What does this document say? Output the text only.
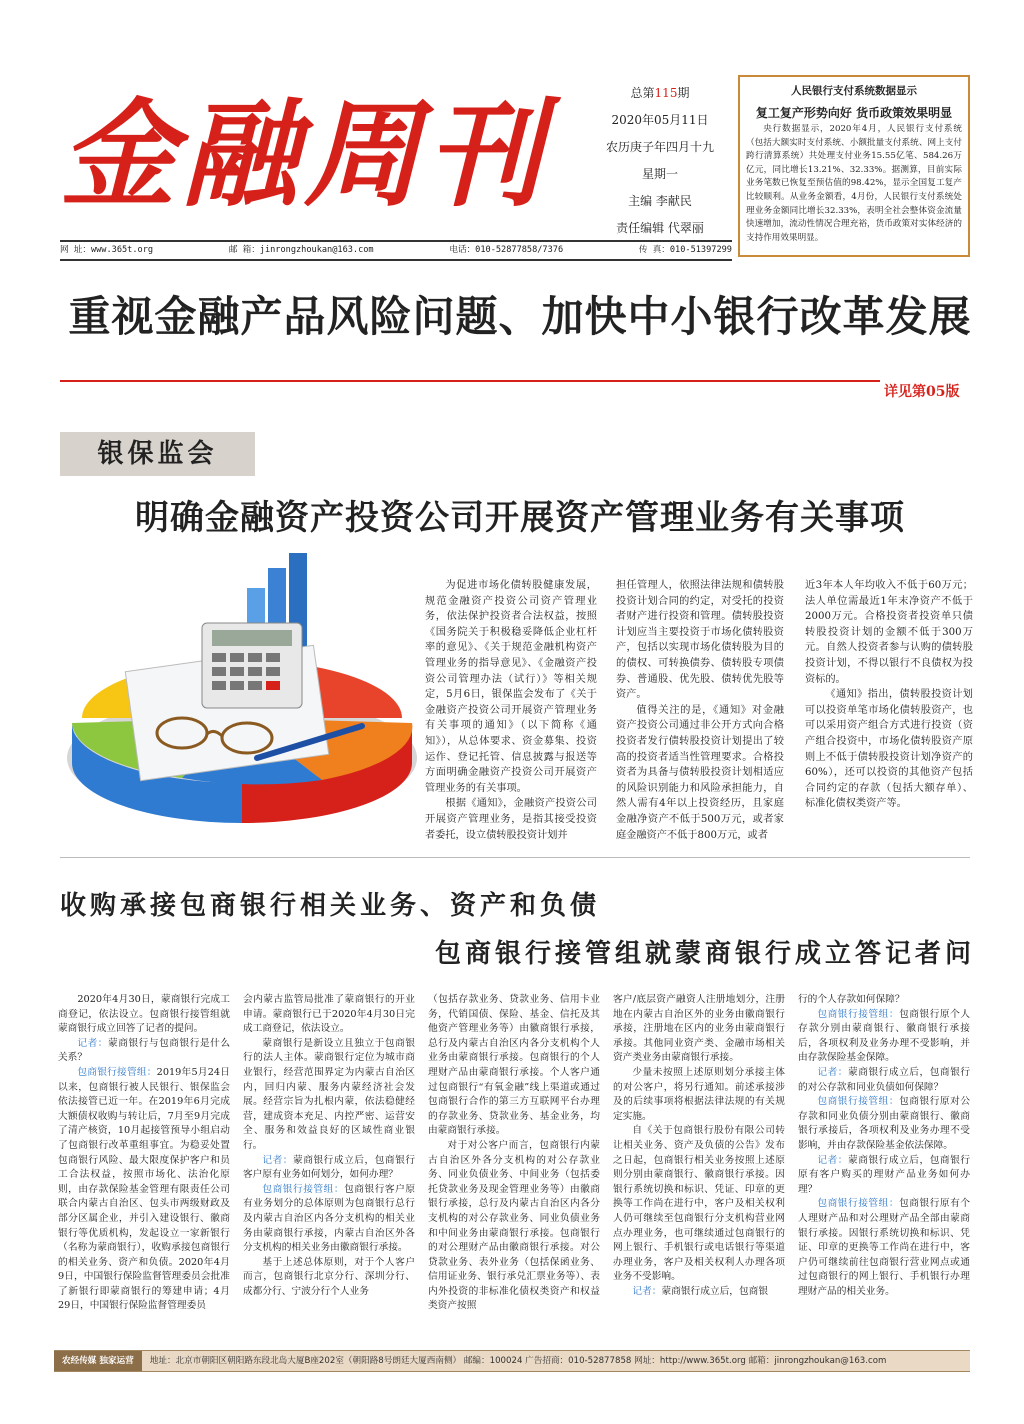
金融周刊	总第115期
2020年05月11日
农历庚子年四月十九
星期一
主编 李献民
责任编辑 代翠丽
人民银行支付系统数据显示
复工复产形势向好 货币政策效果明显
央行数据显示，2020年4月，人民银行支付系统（包括大额实时支付系统、小额批量支付系统、网上支付跨行清算系统）共处理支付业务15.55亿笔、584.26万亿元，同比增长13.21%、32.33%。据测算，目前实际业务笔数已恢复至预估值的98.42%，显示全国复工复产比较顺利。从业务金额看，4月份，人民银行支付系统处理业务金额同比增长32.33%，表明全社会整体资金流量快速增加，流动性情况合理充裕，货币政策对实体经济的支持作用效果明显。
网 址：www.365t.org	邮 箱：jinrongzhoukan@163.com	电话：010-52877858/7376	传 真：010-51397299
重视金融产品风险问题、加快中小银行改革发展
详见第05版
银保监会
明确金融资产投资公司开展资产管理业务有关事项

为促进市场化债转股健康发展，规范金融资产投资公司资产管理业务，依法保护投资者合法权益，按照《国务院关于积极稳妥降低企业杠杆率的意见》、《关于规范金融机构资产管理业务的指导意见》、《金融资产投资公司管理办法（试行）》等相关规定，5月6日，银保监会发布了《关于金融资产投资公司开展资产管理业务有关事项的通知》（以下简称《通知》），从总体要求、资金募集、投资运作、登记托管、信息披露与报送等方面明确金融资产投资公司开展资产管理业务的有关事项。

根据《通知》，金融资产投资公司开展资产管理业务，是指其接受投资者委托，设立债转股投资计划并

担任管理人，依照法律法规和债转股投资计划合同的约定，对受托的投资者财产进行投资和管理。债转股投资计划应当主要投资于市场化债转股资产，包括以实现市场化债转股为目的的债权、可转换债券、债转股专项债券、普通股、优先股、债转优先股等资产。

值得关注的是，《通知》对金融资产投资公司通过非公开方式向合格投资者发行债转股投资计划提出了较高的投资者适当性管理要求。合格投资者为具备与债转股投资计划相适应的风险识别能力和风险承担能力，自然人需有4年以上投资经历，且家庭金融净资产不低于500万元，或者家庭金融资产不低于800万元，或者

近3年本人年均收入不低于60万元；法人单位需最近1年末净资产不低于2000万元。合格投资者投资单只债转股投资计划的金额不低于300万元。自然人投资者参与认购的债转股投资计划，不得以银行不良债权为投资标的。

《通知》指出，债转股投资计划可以投资单笔市场化债转股资产，也可以采用资产组合方式进行投资（资产组合投资中，市场化债转股资产原则上不低于债转股投资计划净资产的60%），还可以投资的其他资产包括合同约定的存款（包括大额存单）、标准化债权类资产等。

收购承接包商银行相关业务、资产和负债
包商银行接管组就蒙商银行成立答记者问

2020年4月30日，蒙商银行完成工商登记，依法设立。包商银行接管组就蒙商银行成立回答了记者的提问。

记者：蒙商银行与包商银行是什么关系？

包商银行接管组：2019年5月24日以来，包商银行被人民银行、银保监会依法接管已近一年。在2019年6月完成大额债权收购与转让后，7月至9月完成了清产核资，10月起接管预导小组启动了包商银行改革重组事宜。为稳妥处置包商银行风险、最大限度保护客户和员工合法权益，按照市场化、法治化原则，由存款保险基金管理有限责任公司联合内蒙古自治区、包头市两级财政及部分区属企业，并引入建设银行、徽商银行等优质机构，发起设立一家新银行（名称为蒙商银行），收购承接包商银行的相关业务、资产和负债。2020年4月9日，中国银行保险监督管理委员会批准了新银行即蒙商银行的筹建申请；4月29日，中国银行保险监督管理委员

会内蒙古监管局批准了蒙商银行的开业申请。蒙商银行已于2020年4月30日完成工商登记，依法设立。

蒙商银行是新设立且独立于包商银行的法人主体。蒙商银行定位为城市商业银行，经营范围界定为内蒙古自治区内，回归内蒙、服务内蒙经济社会发展。经营宗旨为扎根内蒙，依法稳健经营，建成资本充足、内控严密、运营安全、服务和效益良好的区域性商业银行。

记者：蒙商银行成立后，包商银行客户原有业务如何划分，如何办理？

包商银行接管组：包商银行客户原有业务划分的总体原则为包商银行总行及内蒙古自治区内各分支机构的相关业务由蒙商银行承接，内蒙古自治区外各分支机构的相关业务由徽商银行承接。

基于上述总体原则，对于个人客户而言，包商银行北京分行、深圳分行、成都分行、宁波分行个人业务

（包括存款业务、贷款业务、信用卡业务，代销国债、保险、基金、信托及其他资产管理业务等）由徽商银行承接，总行及内蒙古自治区内各分支机构个人业务由蒙商银行承接。包商银行的个人理财产品由蒙商银行承接。个人客户通过包商银行“有氧金融”线上渠道或通过包商银行合作的第三方互联网平台办理的存款业务、贷款业务、基金业务，均由蒙商银行承接。

对于对公客户而言，包商银行内蒙古自治区外各分支机构的对公存款业务、同业负债业务、中间业务（包括委托贷款业务及现金管理业务等）由徽商银行承接，总行及内蒙古自治区内各分支机构的对公存款业务、同业负债业务和中间业务由蒙商银行承接。包商银行的对公理财产品由徽商银行承接。对公贷款业务、表外业务（包括保函业务、信用证业务、银行承兑汇票业务等）、表内外投资的非标准化债权类资产和权益类资产按照

客户/底层资产融资人注册地划分，注册地在内蒙古自治区外的业务由徽商银行承接，注册地在区内的业务由蒙商银行承接。其他同业资产类、金融市场相关资产类业务由蒙商银行承接。

少量未按照上述原则划分承接主体的对公客户，将另行通知。前述承接涉及的后续事项将根据法律法规的有关规定实施。

自《关于包商银行股份有限公司转让相关业务、资产及负债的公告》发布之日起，包商银行相关业务按照上述原则分别由蒙商银行、徽商银行承接。因银行系统切换和标识、凭证、印章的更换等工作尚在进行中，客户及相关权利人仍可继续至包商银行分支机构营业网点办理业务，也可继续通过包商银行的网上银行、手机银行或电话银行等渠道办理业务，客户及相关权利人办理各项业务不受影响。

记者：蒙商银行成立后，包商银

行的个人存款如何保障？

包商银行接管组：包商银行原个人存款分别由蒙商银行、徽商银行承接后，各项权利及业务办理不受影响，并由存款保险基金保障。

记者：蒙商银行成立后，包商银行的对公存款和同业负债如何保障？

包商银行接管组：包商银行原对公存款和同业负债分别由蒙商银行、徽商银行承接后，各项权利及业务办理不受影响，并由存款保险基金依法保障。

记者：蒙商银行成立后，包商银行原有客户购买的理财产品业务如何办理？

包商银行接管组：包商银行原有个人理财产品和对公理财产品全部由蒙商银行承接。因银行系统切换和标识、凭证、印章的更换等工作尚在进行中，客户仍可继续前往包商银行营业网点或通过包商银行的网上银行、手机银行办理理财产品的相关业务。

农经传媒 独家运营	地址：北京市朝阳区朝阳路东段北岛大厦B座202室（朝阳路8号朗廷大厦西南侧） 邮编：100024 广告招商：010-52877858 网址：http://www.365t.org 邮箱：jinrongzhoukan@163.com
